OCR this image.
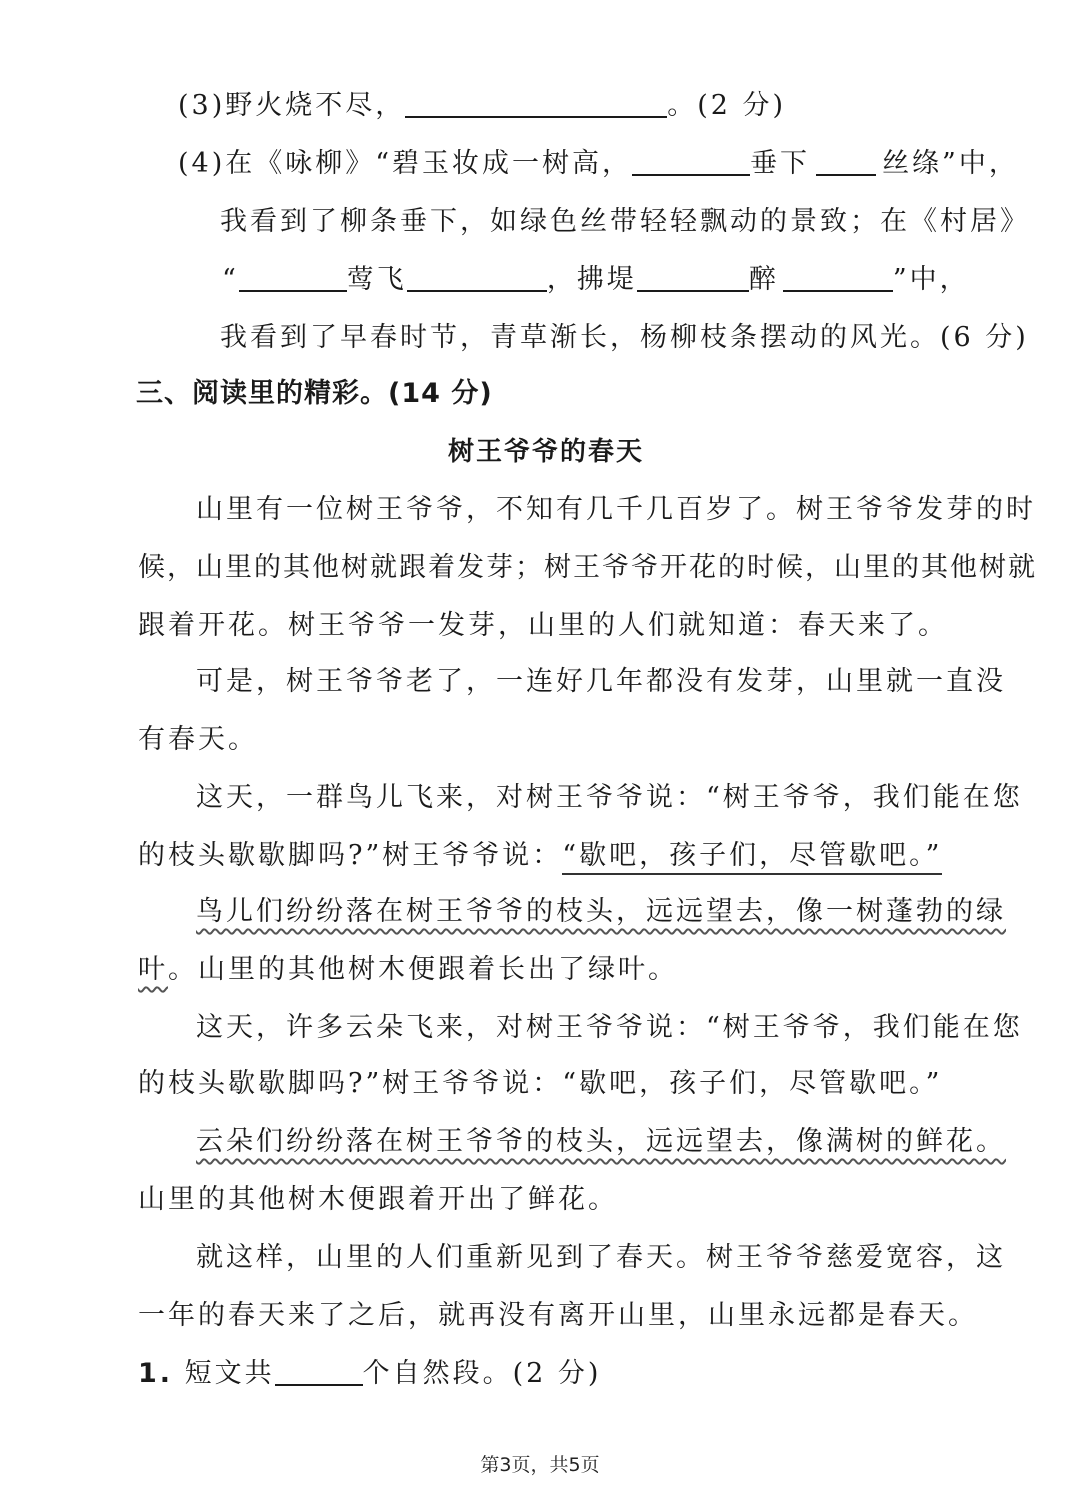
(3)野火烧不尽，	。(2 分)
(4)在《咏柳》“碧玉妆成一树高，	垂下	丝绦”中，
我看到了柳条垂下，如绿色丝带轻轻飘动的景致；在《村居》
“	莺飞	，拂堤	醉	”中，
我看到了早春时节，青草渐长，杨柳枝条摆动的风光。(6 分)
三、阅读里的精彩。(14 分)
树王爷爷的春天
山里有一位树王爷爷，不知有几千几百岁了。树王爷爷发芽的时
候，山里的其他树就跟着发芽；树王爷爷开花的时候，山里的其他树就
跟着开花。树王爷爷一发芽，山里的人们就知道：春天来了。
可是，树王爷爷老了，一连好几年都没有发芽，山里就一直没
有春天。
这天，一群鸟儿飞来，对树王爷爷说：“树王爷爷，我们能在您
的枝头歇歇脚吗?”树王爷爷说：“歇吧，孩子们，尽管歇吧。”
鸟儿们纷纷落在树王爷爷的枝头，远远望去，像一树蓬勃的绿
叶。山里的其他树木便跟着长出了绿叶。
这天，许多云朵飞来，对树王爷爷说：“树王爷爷，我们能在您
的枝头歇歇脚吗?”树王爷爷说：“歇吧，孩子们，尽管歇吧。”
云朵们纷纷落在树王爷爷的枝头，远远望去，像满树的鲜花。
山里的其他树木便跟着开出了鲜花。
就这样，山里的人们重新见到了春天。树王爷爷慈爱宽容，这
一年的春天来了之后，就再没有离开山里，山里永远都是春天。
1. 短文共	个自然段。(2 分)
第3页，共5页
